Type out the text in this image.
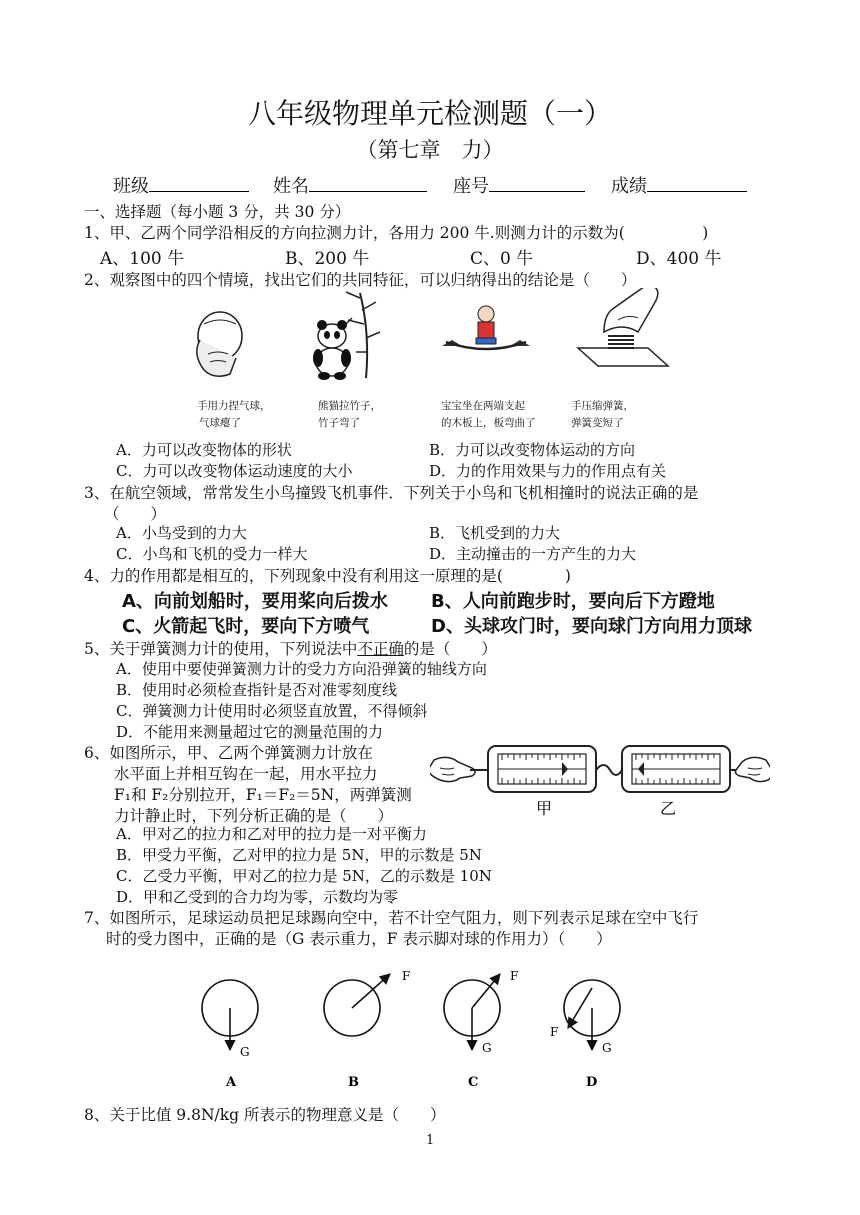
八年级物理单元检测题（一）
（第七章　力）
班级	姓名	座号	成绩
一、选择题（每小题 3 分，共 30 分）
1、甲、乙两个同学沿相反的方向拉测力计，各用力 200 牛.则测力计的示数为(　　　　　)
A、100 牛	B、200 牛	C、0 牛	D、400 牛
2、观察图中的四个情境，找出它们的共同特征，可以归纳得出的结论是（　　）
手用力捏气球，
气球瘪了
熊猫拉竹子，
竹子弯了
宝宝坐在两端支起
的木板上，板弯曲了
手压缩弹簧，
弹簧变短了
A．力可以改变物体的形状	B．力可以改变物体运动的方向
C．力可以改变物体运动速度的大小	D．力的作用效果与力的作用点有关
3、在航空领域，常常发生小鸟撞毁飞机事件．下列关于小鸟和飞机相撞时的说法正确的是
（　　）
A．小鸟受到的力大	B．飞机受到的力大
C．小鸟和飞机的受力一样大	D．主动撞击的一方产生的力大
4、力的作用都是相互的，下列现象中没有利用这一原理的是(　　　　)
A、向前划船时，要用桨向后拨水 B、人向前跑步时，要向后下方蹬地
C、火箭起飞时，要向下方喷气	D、头球攻门时，要向球门方向用力顶球
5、关于弹簧测力计的使用，下列说法中不正确的是（　　）
A．使用中要使弹簧测力计的受力方向沿弹簧的轴线方向
B．使用时必须检查指针是否对准零刻度线
C．弹簧测力计使用时必须竖直放置，不得倾斜
D．不能用来测量超过它的测量范围的力
6、如图所示，甲、乙两个弹簧测力计放在
水平面上并相互钩在一起，用水平拉力
F₁和 F₂分别拉开，F₁＝F₂＝5N，两弹簧测
力计静止时，下列分析正确的是（　　）	甲	乙
A．甲对乙的拉力和乙对甲的拉力是一对平衡力
B．甲受力平衡，乙对甲的拉力是 5N，甲的示数是 5N
C．乙受力平衡，甲对乙的拉力是 5N，乙的示数是 10N
D．甲和乙受到的合力均为零，示数均为零
7、如图所示，足球运动员把足球踢向空中，若不计空气阻力，则下列表示足球在空中飞行
时的受力图中，正确的是（G 表示重力，F 表示脚对球的作用力）（　　）
G
A
F
B
F
G
C
F
G
D
8、关于比值 9.8N/kg 所表示的物理意义是（　　）
1
